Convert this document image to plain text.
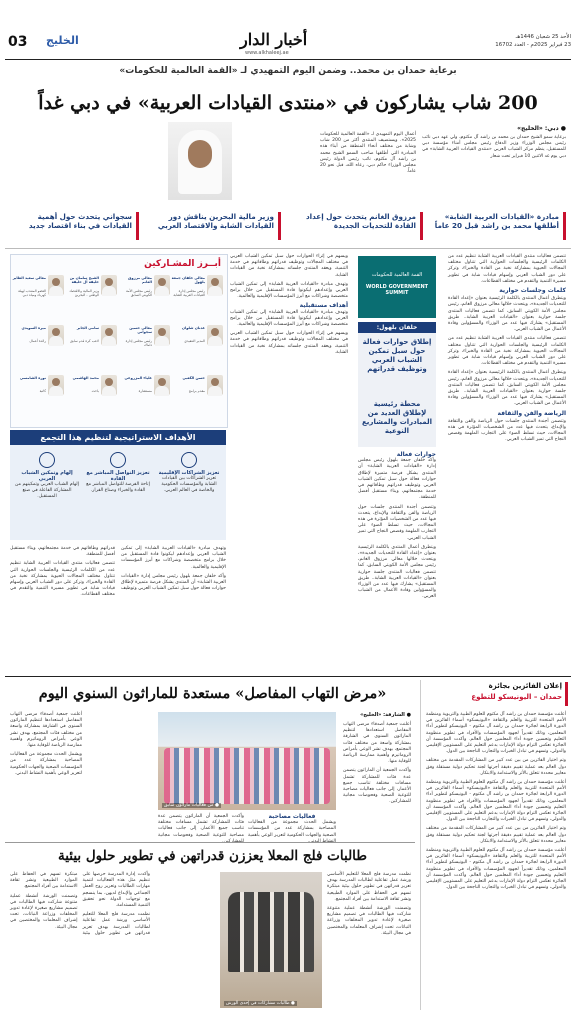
03 الخليج	أخبار الدار
www.alkhaleej.ae
الأحد 25 شعبان 1446هـ
23 فبراير 2025م - العدد 16702
برعاية حمدان بن محمد.. وضمن اليوم التمهيدي لـ «القمة العالمية للحكومات»
200 شاب يشاركون في «منتدى القيادات العربية» في دبي غداً
● دبي: «الخليج»
برعاية سمو الشيخ حمدان بن محمد بن راشد آل مكتوم، ولي عهد دبي نائب رئيس مجلس الوزراء وزير الدفاع رئيس مجلس أمناء مؤسسة دبي للمستقبل، ينظم مركز الشباب العربي «منتدى القيادات العربية الشابة» في دبي يوم غد الاثنين 10 فبراير تحت شعار
أعمال اليوم التمهيدي لـ «القمة العالمية للحكومات 2025». ويستضيف المنتدى أكثر من 200 شاب وشابة من مختلف أنحاء المنطقة من أبناء هذه المبادرة التي أطلقها صاحب السمو الشيخ محمد بن راشد آل مكتوم، نائب رئيس الدولة رئيس مجلس الوزراء حاكم دبي، رعاه الله، قبل نحو 20 عاماً.
مبادرة «القيادات العربية الشابة» أطلقها محمد بن راشد قبل 20 عاماً
مرزوق الغانم يتحدث حول إعداد القادة للتحديات الجديدة
وزير مالية البحرين يناقش دور القيادات الشابة والاقتصاد العربي
سجواني يتحدث حول أهمية القيادات في بناء اقتصاد جديد

تتضمن فعاليات منتدى القيادات العربية الشابة تنظيم عدد من الكلمات الرئيسية والجلسات الحوارية التي تتناول مختلف المجالات الحيوية بمشاركة نخبة من القادة والخبراء، وتركز على دور الشباب العربي وإسهام قيادات شابة في تطوير مسيرة التنمية والتقدم في مختلف القطاعات.

كلمات وجلسات حوارية

ويتطرق أعمال المنتدى بالكلمة الرئيسية بعنوان «إعداد القادة للتحديات الجديدة»، ويتحدث خلالها معالي مرزوق الغانم، رئيس مجلس الأمة الكويتي السابق، كما تتضمن فعاليات المنتدى جلسة حوارية بعنوان «القيادات العربية الشابة.. طريق المستقبل» يشارك فيها عدد من الوزراء والمسؤولين وقادة الأعمال من الشباب العربي.

تتضمن فعاليات منتدى القيادات العربية الشابة تنظيم عدد من الكلمات الرئيسية والجلسات الحوارية التي تتناول مختلف المجالات الحيوية بمشاركة نخبة من القادة والخبراء، وتركز على دور الشباب العربي وإسهام قيادات شابة في تطوير مسيرة التنمية والتقدم في مختلف القطاعات.

ويتطرق أعمال المنتدى بالكلمة الرئيسية بعنوان «إعداد القادة للتحديات الجديدة»، ويتحدث خلالها معالي مرزوق الغانم، رئيس مجلس الأمة الكويتي السابق، كما تتضمن فعاليات المنتدى جلسة حوارية بعنوان «القيادات العربية الشابة.. طريق المستقبل» يشارك فيها عدد من الوزراء والمسؤولين وقادة الأعمال من الشباب العربي.

الرياضة والفن والثقافة

وتتضمن أجندة المنتدى جلسات حول الرياضة والفن والثقافة والإبداع، يتحدث فيها عدد من الشخصيات المؤثرة في هذه المجالات، حيث تسلط الضوء على التجارب الملهمة وقصص النجاح التي تميز الشباب العربي.

القمة العالمية للحكومات
WORLD GOVERNMENT SUMMIT
خلفان بلهول:
إطلاق حوارات فعالة حول سبل تمكين الشباب العربي وتوظيف قدراتهم
محطة رئيسية لإطلاق العديد من المبادرات والمشاريع النوعية
حوارات فعالة

وأكد خلفان جمعة بلهول رئيس مجلس إدارة «القيادات العربية الشابة» أن المنتدى يشكل فرصة متميزة لإطلاق حوارات فعالة حول سبل تمكين الشباب العربي وتوظيف قدراتهم وطاقاتهم في خدمة مجتمعاتهم، وبناء مستقبل أفضل للمنطقة.

وتتضمن أجندة المنتدى جلسات حول الرياضة والفن والثقافة والإبداع، يتحدث فيها عدد من الشخصيات المؤثرة في هذه المجالات، حيث تسلط الضوء على التجارب الملهمة وقصص النجاح التي تميز الشباب العربي.

ويتطرق أعمال المنتدى بالكلمة الرئيسية بعنوان «إعداد القادة للتحديات الجديدة»، ويتحدث خلالها معالي مرزوق الغانم، رئيس مجلس الأمة الكويتي السابق، كما تتضمن فعاليات المنتدى جلسة حوارية بعنوان «القيادات العربية الشابة.. طريق المستقبل» يشارك فيها عدد من الوزراء والمسؤولين وقادة الأعمال من الشباب العربي.

ويسهم في إثراء الحوارات حول سبل تمكين الشباب العربي في مختلف المجالات وتوظيف قدراتهم وطاقاتهم في خدمة التنمية، ويعقد المنتدى جلساته بمشاركة نخبة من القيادات الشابة.

وتهدف مبادرة «القيادات العربية الشابة» إلى تمكين الشباب العربي وإعدادهم ليكونوا قادة المستقبل من خلال برامج متخصصة وشراكات مع أبرز المؤسسات الإقليمية والعالمية.

أهداف مستقبلية

وتهدف مبادرة «القيادات العربية الشابة» إلى تمكين الشباب العربي وإعدادهم ليكونوا قادة المستقبل من خلال برامج متخصصة وشراكات مع أبرز المؤسسات الإقليمية والعالمية.

ويسهم في إثراء الحوارات حول سبل تمكين الشباب العربي في مختلف المجالات وتوظيف قدراتهم وطاقاتهم في خدمة التنمية، ويعقد المنتدى جلساته بمشاركة نخبة من القيادات الشابة.

أبــرز المشـاركين
معالي خلفان جمعة بلهول
رئيس مجلس إدارة القيادات العربية الشابة
معالي مرزوق الغانم
رئيس مجلس الأمة الكويتي السابق
الشيخ سلمان بن خليفة آل خليفة
وزير المالية والاقتصاد الوطني - البحرين
معالي سعيد الطاير
العضو المنتدب لهيئة كهرباء ومياه دبي
عدنان شلوان
المدير التنفيذي
معالي حسين سجواني
رئيس مجلس إدارة داماك
سامي الجابر
لاعب كرة قدم سابق
ميرة السويدي
رائدة أعمال
حسن الكعبي
مقدم برامج
علياء المزروعي
مستشارة
محمد الهاشمي
باحث
نورة الشامسي
كاتبة
الأهداف الاستراتيجية لتنظيم هذا التجمع
تعزيز الشراكات الإقليمية
تعزيز الشراكات بين القيادات الشابة والمؤسسات الحكومية والخاصة في العالم العربي.
تعزيز التواصل المباشر مع القادة
إتاحة الفرصة للتواصل المباشر مع القادة والخبراء وصناع القرار.
إلهام وتمكين الشباب العربي
إلهام الشباب العربي وتمكينهم من المشاركة الفاعلة في صنع المستقبل.

وتهدف مبادرة «القيادات العربية الشابة» إلى تمكين الشباب العربي وإعدادهم ليكونوا قادة المستقبل من خلال برامج متخصصة وشراكات مع أبرز المؤسسات الإقليمية والعالمية.

وأكد خلفان جمعة بلهول رئيس مجلس إدارة «القيادات العربية الشابة» أن المنتدى يشكل فرصة متميزة لإطلاق حوارات فعالة حول سبل تمكين الشباب العربي وتوظيف قدراتهم وطاقاتهم في خدمة مجتمعاتهم، وبناء مستقبل أفضل للمنطقة.

تتضمن فعاليات منتدى القيادات العربية الشابة تنظيم عدد من الكلمات الرئيسية والجلسات الحوارية التي تتناول مختلف المجالات الحيوية بمشاركة نخبة من القادة والخبراء، وتركز على دور الشباب العربي وإسهام قيادات شابة في تطوير مسيرة التنمية والتقدم في مختلف القطاعات.

«مرض التهاب المفاصل» مستعدة للماراثون السنوي اليوم
● الشارقة: «الخليج»

أعلنت جمعية أصدقاء مرضى التهاب المفاصل استعدادها لتنظيم الماراثون السنوي في الشارقة بمشاركة واسعة من مختلف فئات المجتمع، بهدف نشر الوعي بأمراض الروماتيزم وأهمية ممارسة الرياضة للوقاية منها.

وأكدت الجمعية أن الماراثون يتضمن عدة فئات للمشاركة تشمل مسافات مختلفة تناسب جميع الأعمار، إلى جانب فعاليات مصاحبة للتوعية الصحية وفحوصات مجانية للمشاركين.

● من فعاليات ماراثون سابق
فعاليات مصاحبة

ويشمل الحدث مجموعة من الفعاليات المصاحبة بمشاركة عدد من المؤسسات الصحية والجهات الحكومية لتعزيز الوعي بأهمية

وأكدت الجمعية أن الماراثون يتضمن عدة فئات للمشاركة تشمل مسافات مختلفة تناسب جميع الأعمار، إلى جانب فعاليات مصاحبة للتوعية الصحية وفحوصات مجانية

أعلنت جمعية أصدقاء مرضى التهاب المفاصل استعدادها لتنظيم الماراثون السنوي في الشارقة بمشاركة واسعة من مختلف فئات المجتمع، بهدف نشر الوعي بأمراض الروماتيزم وأهمية ممارسة الرياضة للوقاية منها.

ويشمل الحدث مجموعة من الفعاليات المصاحبة بمشاركة عدد من المؤسسات الصحية والجهات الحكومية لتعزيز الوعي بأهمية النشاط البدني.

إعلان الفائزين بجائزة
حمدان – اليونيسكو للتطوع

أعلنت مؤسسة حمدان بن راشد آل مكتوم للعلوم الطبية والتربوية ومنظمة الأمم المتحدة للتربية والعلم والثقافة «اليونيسكو» أسماء الفائزين في الدورة الرابعة لجائزة حمدان بن راشد آل مكتوم - اليونيسكو لتطوير أداء المعلمين، وذلك تقديراً لجهود المؤسسات والأفراد في تطوير منظومة التعليم وتحسين جودة أداء المعلمين حول العالم. وأكدت المؤسسة أن الجائزة تعكس التزام دولة الإمارات بدعم التعليم على المستويين الإقليمي والدولي، وتسهم في تبادل الخبرات والتجارب الناجحة بين الدول.

وتم اختيار الفائزين من بين عدد كبير من المشاركات المقدمة من مختلف دول العالم بعد عملية تقييم دقيقة أجرتها لجنة تحكيم دولية مستقلة وفق معايير محددة تتعلق بالأثر والاستدامة والابتكار.

أعلنت مؤسسة حمدان بن راشد آل مكتوم للعلوم الطبية والتربوية ومنظمة الأمم المتحدة للتربية والعلم والثقافة «اليونيسكو» أسماء الفائزين في الدورة الرابعة لجائزة حمدان بن راشد آل مكتوم - اليونيسكو لتطوير أداء المعلمين، وذلك تقديراً لجهود المؤسسات والأفراد في تطوير منظومة التعليم وتحسين جودة أداء المعلمين حول العالم. وأكدت المؤسسة أن الجائزة تعكس التزام دولة الإمارات بدعم التعليم على المستويين الإقليمي والدولي، وتسهم في تبادل الخبرات والتجارب الناجحة بين الدول.

وتم اختيار الفائزين من بين عدد كبير من المشاركات المقدمة من مختلف دول العالم بعد عملية تقييم دقيقة أجرتها لجنة تحكيم دولية مستقلة وفق معايير محددة تتعلق بالأثر والاستدامة والابتكار.

أعلنت مؤسسة حمدان بن راشد آل مكتوم للعلوم الطبية والتربوية ومنظمة الأمم المتحدة للتربية والعلم والثقافة «اليونيسكو» أسماء الفائزين في الدورة الرابعة لجائزة حمدان بن راشد آل مكتوم - اليونيسكو لتطوير أداء المعلمين، وذلك تقديراً لجهود المؤسسات والأفراد في تطوير منظومة التعليم وتحسين جودة أداء المعلمين حول العالم. وأكدت المؤسسة أن الجائزة تعكس التزام دولة الإمارات بدعم التعليم على المستويين الإقليمي والدولي، وتسهم في تبادل الخبرات والتجارب الناجحة بين الدول.

طالبات فلج المعلا يعززن قدراتهن في تطوير حلول بيئية

نظمت مدرسة فلج المعلا للتعليم الأساسي ورشة عمل تفاعلية لطالبات المدرسة بهدف تعزيز قدراتهن في تطوير حلول بيئية مبتكرة تسهم في الحفاظ على الموارد الطبيعية ونشر ثقافة الاستدامة بين أفراد المجتمع.

وتضمنت الورشة أنشطة عملية متنوعة شاركت فيها الطالبات في تصميم مشاريع صغيرة لإعادة تدوير المخلفات وزراعة النباتات، تحت إشراف المعلمات والمختصين في مجال البيئة.

● طالبات مشاركات في إحدى الورش

وأكدت إدارة المدرسة حرصها على تنظيم مثل هذه الفعاليات لتنمية مهارات الطالبات وتعزيز روح العمل الجماعي والإبداع لديهن، بما ينسجم مع توجهات الدولة نحو تحقيق التنمية المستدامة.

نظمت مدرسة فلج المعلا للتعليم الأساسي ورشة عمل تفاعلية لطالبات المدرسة بهدف تعزيز قدراتهن في تطوير حلول بيئية مبتكرة تسهم في الحفاظ على الموارد الطبيعية ونشر ثقافة الاستدامة بين أفراد المجتمع.

وتضمنت الورشة أنشطة عملية متنوعة شاركت فيها الطالبات في تصميم مشاريع صغيرة لإعادة تدوير المخلفات وزراعة النباتات، تحت إشراف المعلمات والمختصين في مجال البيئة.
